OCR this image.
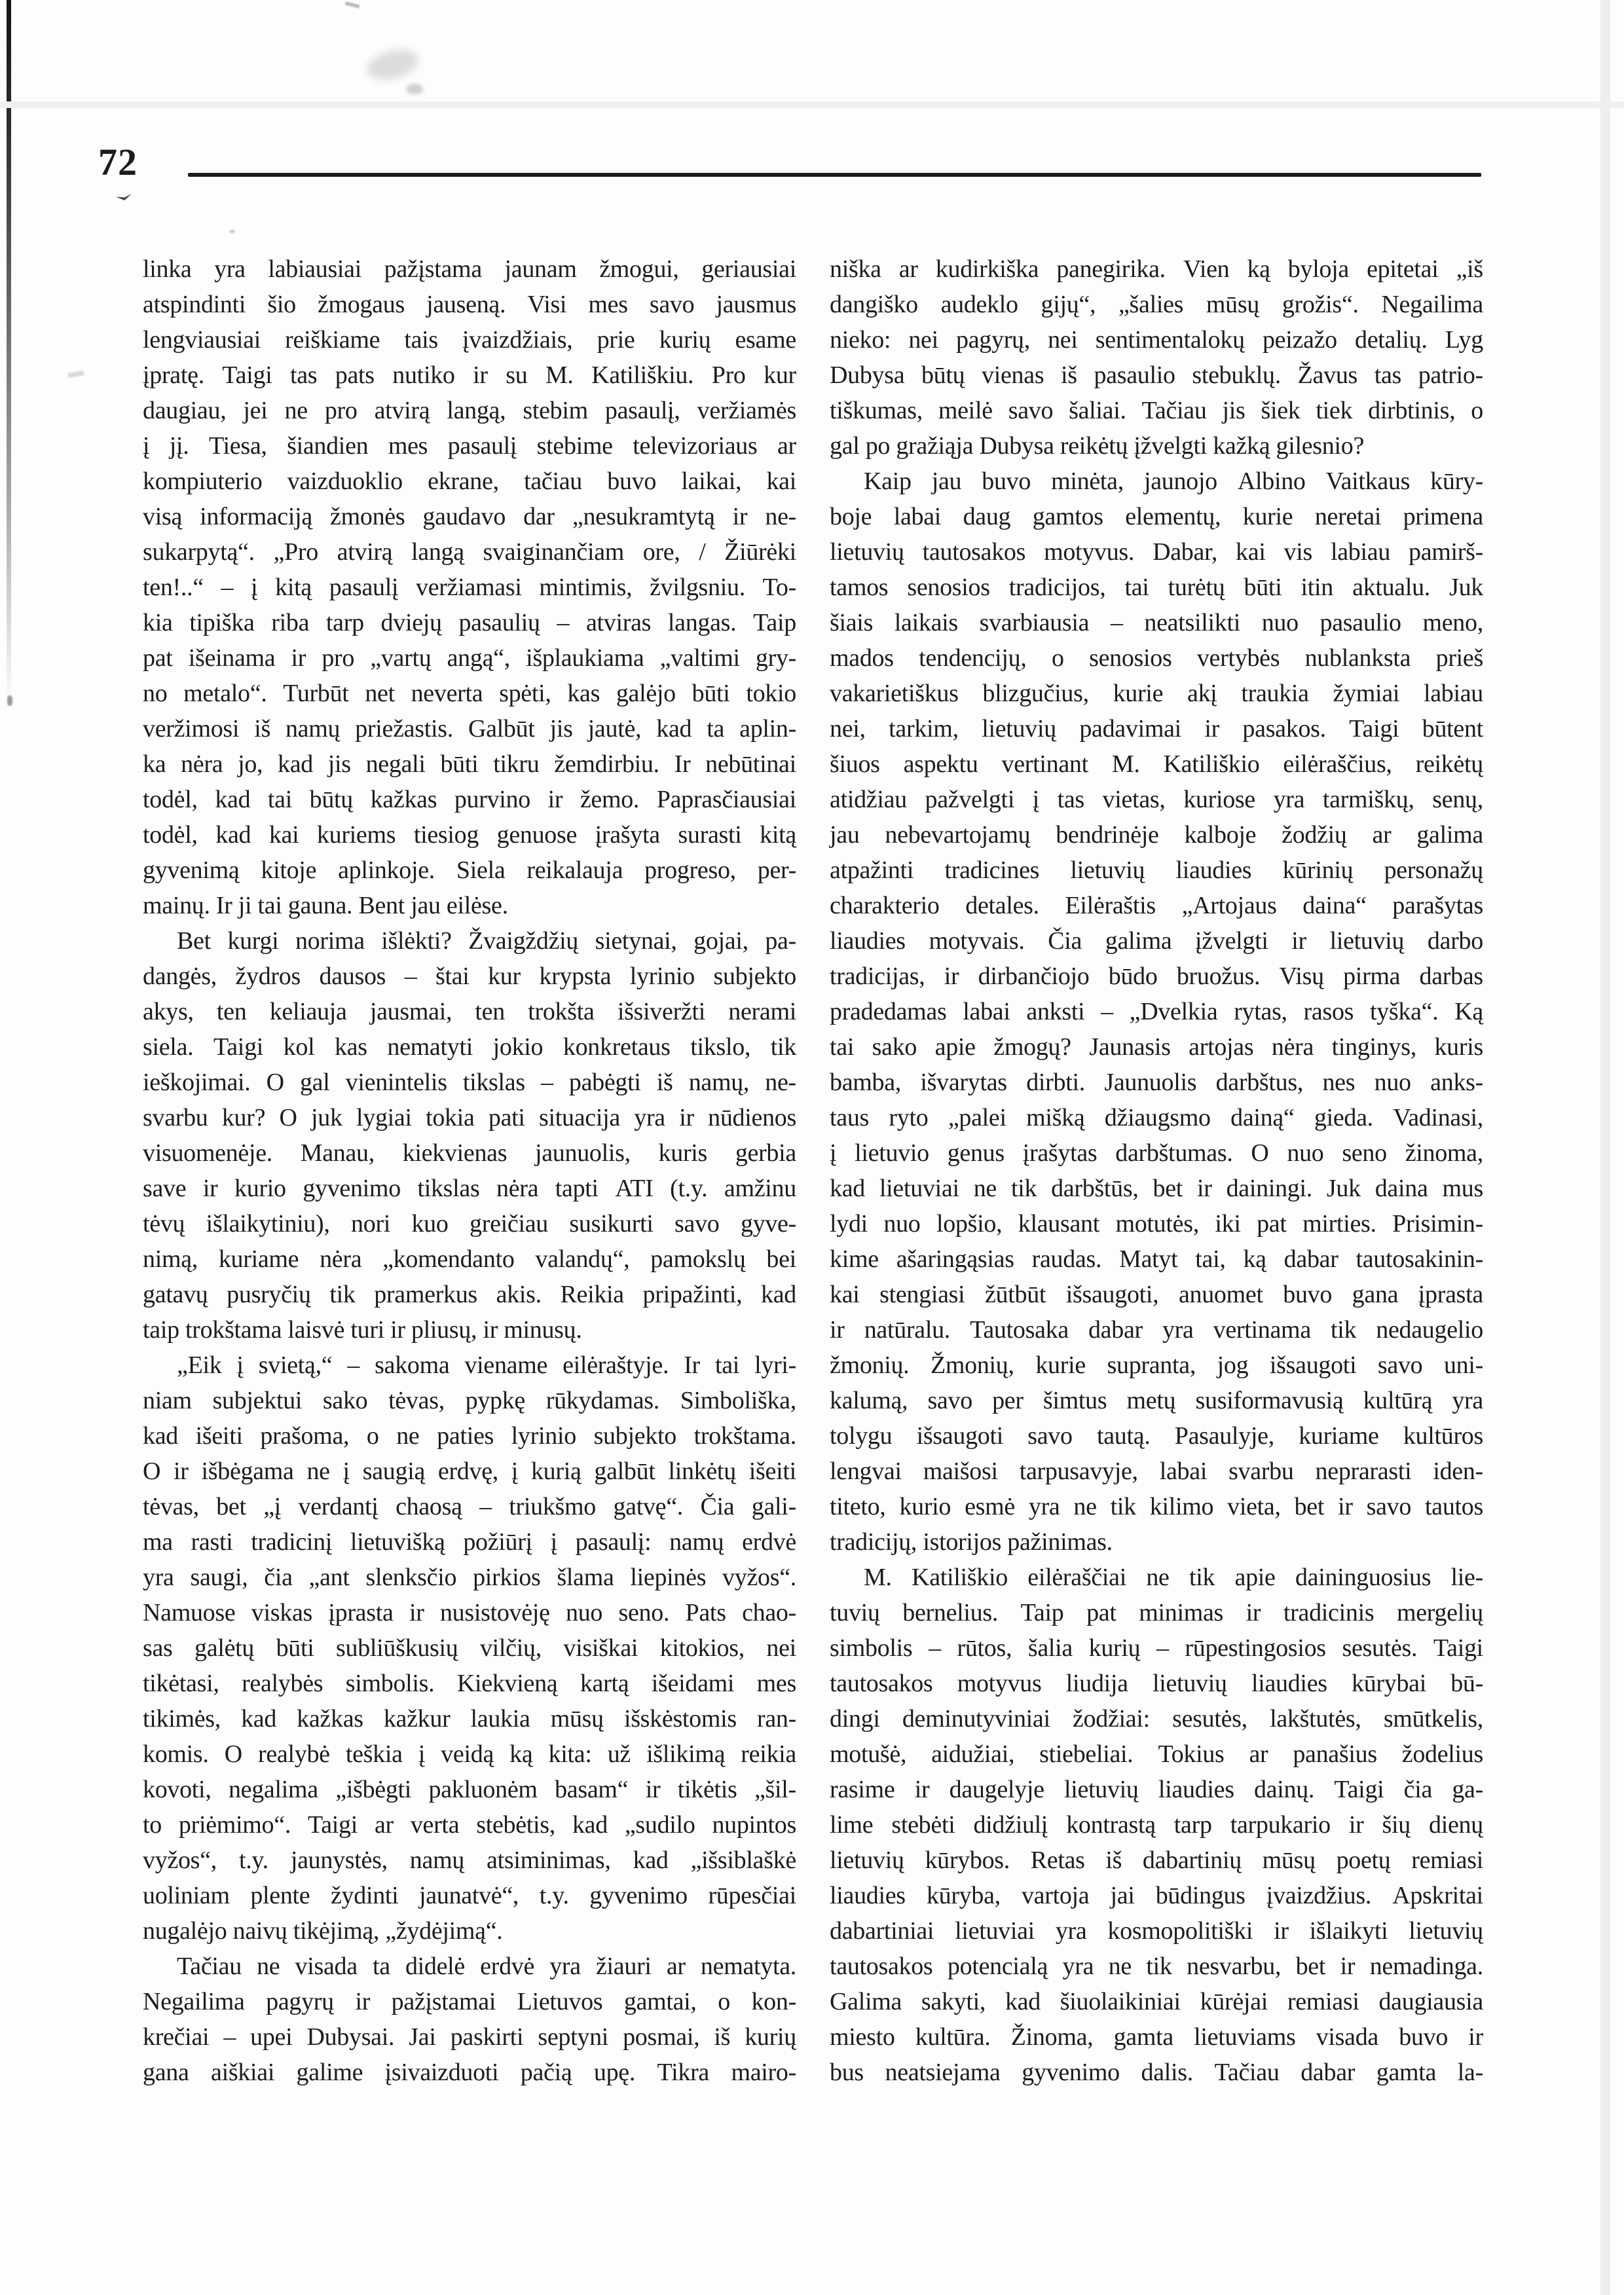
72
linka yra labiausiai pažįstama jaunam žmogui, geriausiai
atspindinti šio žmogaus jauseną. Visi mes savo jausmus
lengviausiai reiškiame tais įvaizdžiais, prie kurių esame
įpratę. Taigi tas pats nutiko ir su M. Katiliškiu. Pro kur
daugiau, jei ne pro atvirą langą, stebim pasaulį, veržiamės
į jį. Tiesa, šiandien mes pasaulį stebime televizoriaus ar
kompiuterio vaizduoklio ekrane, tačiau buvo laikai, kai
visą informaciją žmonės gaudavo dar „nesukramtytą ir ne-
sukarpytą“. „Pro atvirą langą svaiginančiam ore, / Žiūrėki
ten!..“ – į kitą pasaulį veržiamasi mintimis, žvilgsniu. To-
kia tipiška riba tarp dviejų pasaulių – atviras langas. Taip
pat išeinama ir pro „vartų angą“, išplaukiama „valtimi gry-
no metalo“. Turbūt net neverta spėti, kas galėjo būti tokio
veržimosi iš namų priežastis. Galbūt jis jautė, kad ta aplin-
ka nėra jo, kad jis negali būti tikru žemdirbiu. Ir nebūtinai
todėl, kad tai būtų kažkas purvino ir žemo. Paprasčiausiai
todėl, kad kai kuriems tiesiog genuose įrašyta surasti kitą
gyvenimą kitoje aplinkoje. Siela reikalauja progreso, per-
mainų. Ir ji tai gauna. Bent jau eilėse.
Bet kurgi norima išlėkti? Žvaigždžių sietynai, gojai, pa-
dangės, žydros dausos – štai kur krypsta lyrinio subjekto
akys, ten keliauja jausmai, ten trokšta išsiveržti nerami
siela. Taigi kol kas nematyti jokio konkretaus tikslo, tik
ieškojimai. O gal vienintelis tikslas – pabėgti iš namų, ne-
svarbu kur? O juk lygiai tokia pati situacija yra ir nūdienos
visuomenėje. Manau, kiekvienas jaunuolis, kuris gerbia
save ir kurio gyvenimo tikslas nėra tapti ATI (t.y. amžinu
tėvų išlaikytiniu), nori kuo greičiau susikurti savo gyve-
nimą, kuriame nėra „komendanto valandų“, pamokslų bei
gatavų pusryčių tik pramerkus akis. Reikia pripažinti, kad
taip trokštama laisvė turi ir pliusų, ir minusų.
„Eik į svietą,“ – sakoma viename eilėraštyje. Ir tai lyri-
niam subjektui sako tėvas, pypkę rūkydamas. Simboliška,
kad išeiti prašoma, o ne paties lyrinio subjekto trokštama.
O ir išbėgama ne į saugią erdvę, į kurią galbūt linkėtų išeiti
tėvas, bet „į verdantį chaosą – triukšmo gatvę“. Čia gali-
ma rasti tradicinį lietuvišką požiūrį į pasaulį: namų erdvė
yra saugi, čia „ant slenksčio pirkios šlama liepinės vyžos“.
Namuose viskas įprasta ir nusistovėję nuo seno. Pats chao-
sas galėtų būti subliūškusių vilčių, visiškai kitokios, nei
tikėtasi, realybės simbolis. Kiekvieną kartą išeidami mes
tikimės, kad kažkas kažkur laukia mūsų išskėstomis ran-
komis. O realybė teškia į veidą ką kita: už išlikimą reikia
kovoti, negalima „išbėgti pakluonėm basam“ ir tikėtis „šil-
to priėmimo“. Taigi ar verta stebėtis, kad „sudilo nupintos
vyžos“, t.y. jaunystės, namų atsiminimas, kad „išsiblaškė
uoliniam plente žydinti jaunatvė“, t.y. gyvenimo rūpesčiai
nugalėjo naivų tikėjimą, „žydėjimą“.
Tačiau ne visada ta didelė erdvė yra žiauri ar nematyta.
Negailima pagyrų ir pažįstamai Lietuvos gamtai, o kon-
krečiai – upei Dubysai. Jai paskirti septyni posmai, iš kurių
gana aiškiai galime įsivaizduoti pačią upę. Tikra mairo-
niška ar kudirkiška panegirika. Vien ką byloja epitetai „iš
dangiško audeklo gijų“, „šalies mūsų grožis“. Negailima
nieko: nei pagyrų, nei sentimentalokų peizažo detalių. Lyg
Dubysa būtų vienas iš pasaulio stebuklų. Žavus tas patrio-
tiškumas, meilė savo šaliai. Tačiau jis šiek tiek dirbtinis, o
gal po gražiąja Dubysa reikėtų įžvelgti kažką gilesnio?
Kaip jau buvo minėta, jaunojo Albino Vaitkaus kūry-
boje labai daug gamtos elementų, kurie neretai primena
lietuvių tautosakos motyvus. Dabar, kai vis labiau pamirš-
tamos senosios tradicijos, tai turėtų būti itin aktualu. Juk
šiais laikais svarbiausia – neatsilikti nuo pasaulio meno,
mados tendencijų, o senosios vertybės nublanksta prieš
vakarietiškus blizgučius, kurie akį traukia žymiai labiau
nei, tarkim, lietuvių padavimai ir pasakos. Taigi būtent
šiuos aspektu vertinant M. Katiliškio eilėraščius, reikėtų
atidžiau pažvelgti į tas vietas, kuriose yra tarmiškų, senų,
jau nebevartojamų bendrinėje kalboje žodžių ar galima
atpažinti tradicines lietuvių liaudies kūrinių personažų
charakterio detales. Eilėraštis „Artojaus daina“ parašytas
liaudies motyvais. Čia galima įžvelgti ir lietuvių darbo
tradicijas, ir dirbančiojo būdo bruožus. Visų pirma darbas
pradedamas labai anksti – „Dvelkia rytas, rasos tyška“. Ką
tai sako apie žmogų? Jaunasis artojas nėra tinginys, kuris
bamba, išvarytas dirbti. Jaunuolis darbštus, nes nuo anks-
taus ryto „palei mišką džiaugsmo dainą“ gieda. Vadinasi,
į lietuvio genus įrašytas darbštumas. O nuo seno žinoma,
kad lietuviai ne tik darbštūs, bet ir dainingi. Juk daina mus
lydi nuo lopšio, klausant motutės, iki pat mirties. Prisimin-
kime ašaringąsias raudas. Matyt tai, ką dabar tautosakinin-
kai stengiasi žūtbūt išsaugoti, anuomet buvo gana įprasta
ir natūralu. Tautosaka dabar yra vertinama tik nedaugelio
žmonių. Žmonių, kurie supranta, jog išsaugoti savo uni-
kalumą, savo per šimtus metų susiformavusią kultūrą yra
tolygu išsaugoti savo tautą. Pasaulyje, kuriame kultūros
lengvai maišosi tarpusavyje, labai svarbu neprarasti iden-
titeto, kurio esmė yra ne tik kilimo vieta, bet ir savo tautos
tradicijų, istorijos pažinimas.
M. Katiliškio eilėraščiai ne tik apie daininguosius lie-
tuvių bernelius. Taip pat minimas ir tradicinis mergelių
simbolis – rūtos, šalia kurių – rūpestingosios sesutės. Taigi
tautosakos motyvus liudija lietuvių liaudies kūrybai bū-
dingi deminutyviniai žodžiai: sesutės, lakštutės, smūtkelis,
motušė, aidužiai, stiebeliai. Tokius ar panašius žodelius
rasime ir daugelyje lietuvių liaudies dainų. Taigi čia ga-
lime stebėti didžiulį kontrastą tarp tarpukario ir šių dienų
lietuvių kūrybos. Retas iš dabartinių mūsų poetų remiasi
liaudies kūryba, vartoja jai būdingus įvaizdžius. Apskritai
dabartiniai lietuviai yra kosmopolitiški ir išlaikyti lietuvių
tautosakos potencialą yra ne tik nesvarbu, bet ir nemadinga.
Galima sakyti, kad šiuolaikiniai kūrėjai remiasi daugiausia
miesto kultūra. Žinoma, gamta lietuviams visada buvo ir
bus neatsiejama gyvenimo dalis. Tačiau dabar gamta la-
